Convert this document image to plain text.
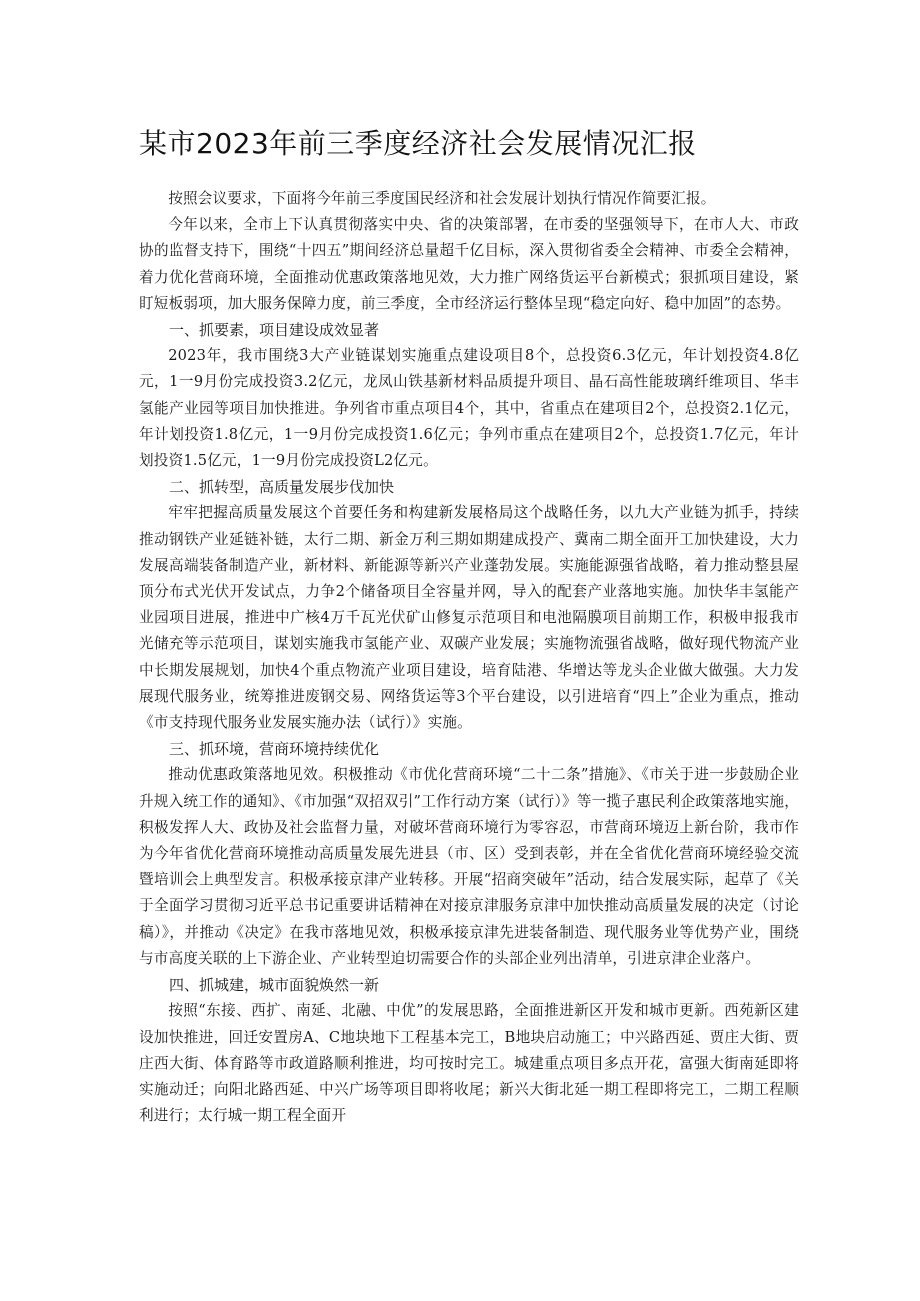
某市2023年前三季度经济社会发展情况汇报

按照会议要求，下面将今年前三季度国民经济和社会发展计划执行情况作简要汇报。

今年以来，全市上下认真贯彻落实中央、省的决策部署，在市委的坚强领导下，在市人大、市政协的监督支持下，围绕“十四五”期间经济总量超千亿目标，深入贯彻省委全会精神、市委全会精神，着力优化营商环境，全面推动优惠政策落地见效，大力推广网络货运平台新模式；狠抓项目建设，紧盯短板弱项，加大服务保障力度，前三季度，全市经济运行整体呈现“稳定向好、稳中加固”的态势。

一、抓要素，项目建设成效显著

2023年，我市围绕3大产业链谋划实施重点建设项目8个，总投资6.3亿元，年计划投资4.8亿元，1一9月份完成投资3.2亿元，龙凤山铁基新材料品质提升项目、晶石高性能玻璃纤维项目、华丰氢能产业园等项目加快推进。争列省市重点项目4个，其中，省重点在建项目2个，总投资2.1亿元，年计划投资1.8亿元，1一9月份完成投资1.6亿元；争列市重点在建项目2个，总投资1.7亿元，年计划投资1.5亿元，1一9月份完成投资L2亿元。

二、抓转型，高质量发展步伐加快

牢牢把握高质量发展这个首要任务和构建新发展格局这个战略任务，以九大产业链为抓手，持续推动钢铁产业延链补链，太行二期、新金万利三期如期建成投产、冀南二期全面开工加快建设，大力发展高端装备制造产业，新材料、新能源等新兴产业蓬勃发展。实施能源强省战略，着力推动整县屋顶分布式光伏开发试点，力争2个储备项目全容量并网，导入的配套产业落地实施。加快华丰氢能产业园项目进展，推进中广核4万千瓦光伏矿山修复示范项目和电池隔膜项目前期工作，积极申报我市光储充等示范项目，谋划实施我市氢能产业、双碳产业发展；实施物流强省战略，做好现代物流产业中长期发展规划，加快4个重点物流产业项目建设，培育陆港、华增达等龙头企业做大做强。大力发展现代服务业，统筹推进废钢交易、网络货运等3个平台建设，以引进培育“四上”企业为重点，推动《市支持现代服务业发展实施办法（试行）》实施。

三、抓环境，营商环境持续优化

推动优惠政策落地见效。积极推动《市优化营商环境“二十二条”措施》、《市关于进一步鼓励企业升规入统工作的通知》、《市加强“双招双引”工作行动方案（试行）》等一揽子惠民利企政策落地实施，积极发挥人大、政协及社会监督力量，对破坏营商环境行为零容忍，市营商环境迈上新台阶，我市作为今年省优化营商环境推动高质量发展先进县（市、区）受到表彰，并在全省优化营商环境经验交流暨培训会上典型发言。积极承接京津产业转移。开展“招商突破年”活动，结合发展实际，起草了《关于全面学习贯彻习近平总书记重要讲话精神在对接京津服务京津中加快推动高质量发展的决定（讨论稿）》，并推动《决定》在我市落地见效，积极承接京津先进装备制造、现代服务业等优势产业，围绕与市高度关联的上下游企业、产业转型迫切需要合作的头部企业列出清单，引进京津企业落户。

四、抓城建，城市面貌焕然一新

按照“东接、西扩、南延、北融、中优”的发展思路，全面推进新区开发和城市更新。西苑新区建设加快推进，回迁安置房A、C地块地下工程基本完工，B地块启动施工；中兴路西延、贾庄大街、贾庄西大街、体育路等市政道路顺利推进，均可按时完工。城建重点项目多点开花，富强大街南延即将实施动迁；向阳北路西延、中兴广场等项目即将收尾；新兴大街北延一期工程即将完工，二期工程顺利进行；太行城一期工程全面开
